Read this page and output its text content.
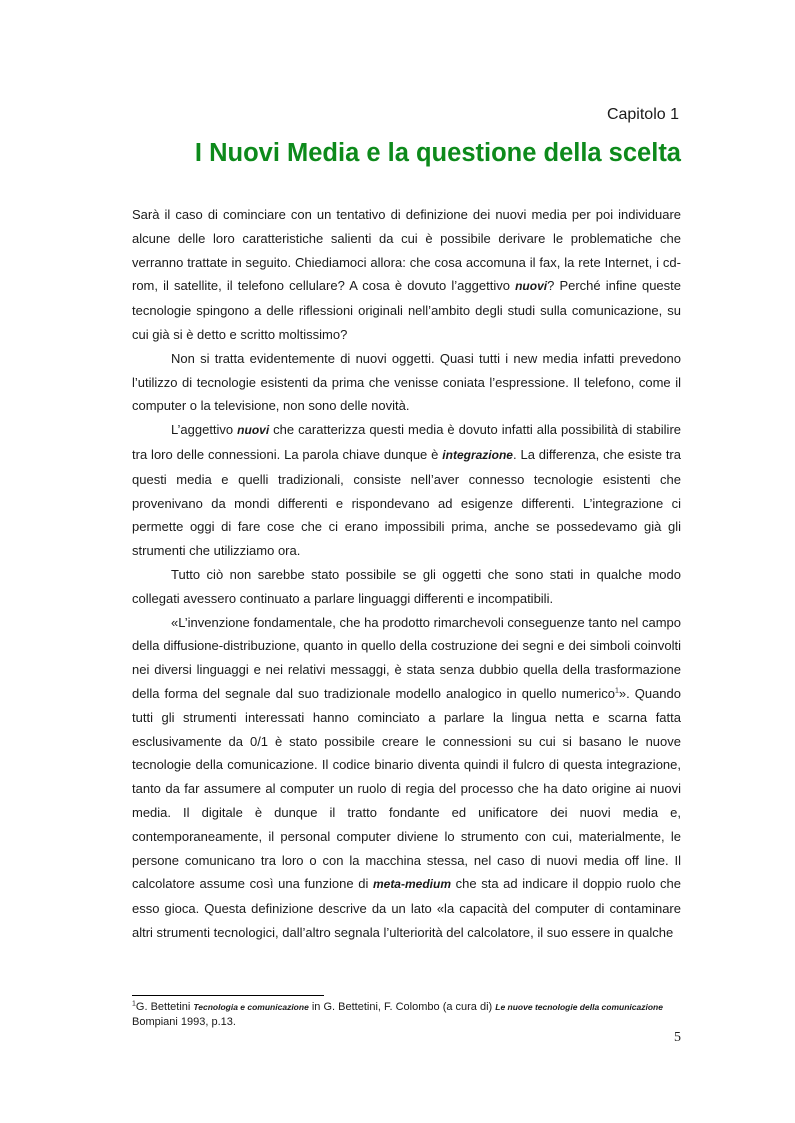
Capitolo 1
I Nuovi Media e la questione della scelta

Sarà il caso di cominciare con un tentativo di definizione dei nuovi media per poi individuare alcune delle loro caratteristiche salienti da cui è possibile derivare le problematiche che verranno trattate in seguito. Chiediamoci allora: che cosa accomuna il fax, la rete Internet, i cd-rom, il satellite, il telefono cellulare? A cosa è dovuto l’aggettivo nuovi? Perché infine queste tecnologie spingono a delle riflessioni originali nell’ambito degli studi sulla comunicazione, su cui già si è detto e scritto moltissimo?

Non si tratta evidentemente di nuovi oggetti. Quasi tutti i new media infatti prevedono l’utilizzo di tecnologie esistenti da prima che venisse coniata l’espressione. Il telefono, come il computer o la televisione, non sono delle novità.

L’aggettivo nuovi che caratterizza questi media è dovuto infatti alla possibilità di stabilire tra loro delle connessioni. La parola chiave dunque è integrazione. La differenza, che esiste tra questi media e quelli tradizionali, consiste nell’aver connesso tecnologie esistenti che provenivano da mondi differenti e rispondevano ad esigenze differenti. L’integrazione ci permette oggi di fare cose che ci erano impossibili prima, anche se possedevamo già gli strumenti che utilizziamo ora.

Tutto ciò non sarebbe stato possibile se gli oggetti che sono stati in qualche modo collegati avessero continuato a parlare linguaggi differenti e incompatibili.

«L’invenzione fondamentale, che ha prodotto rimarchevoli conseguenze tanto nel campo della diffusione-distribuzione, quanto in quello della costruzione dei segni e dei simboli coinvolti nei diversi linguaggi e nei relativi messaggi, è stata senza dubbio quella della trasformazione della forma del segnale dal suo tradizionale modello analogico in quello numerico$^1$». Quando tutti gli strumenti interessati hanno cominciato a parlare la lingua netta e scarna fatta esclusivamente da 0/1 è stato possibile creare le connessioni su cui si basano le nuove tecnologie della comunicazione. Il codice binario diventa quindi il fulcro di questa integrazione, tanto da far assumere al computer un ruolo di regia del processo che ha dato origine ai nuovi media. Il digitale è dunque il tratto fondante ed unificatore dei nuovi media e, contemporaneamente, il personal computer diviene lo strumento con cui, materialmente, le persone comunicano tra loro o con la macchina stessa, nel caso di nuovi media off line. Il calcolatore assume così una funzione di meta-medium che sta ad indicare il doppio ruolo che esso gioca. Questa definizione descrive da un lato «la capacità del computer di contaminare altri strumenti tecnologici, dall’altro segnala l’ulteriorità del calcolatore, il suo essere in qualche

$^1$G. Bettetini Tecnologia e comunicazione in G. Bettetini, F. Colombo (a cura di) Le nuove tecnologie della comunicazione Bompiani 1993, p.13.
5
